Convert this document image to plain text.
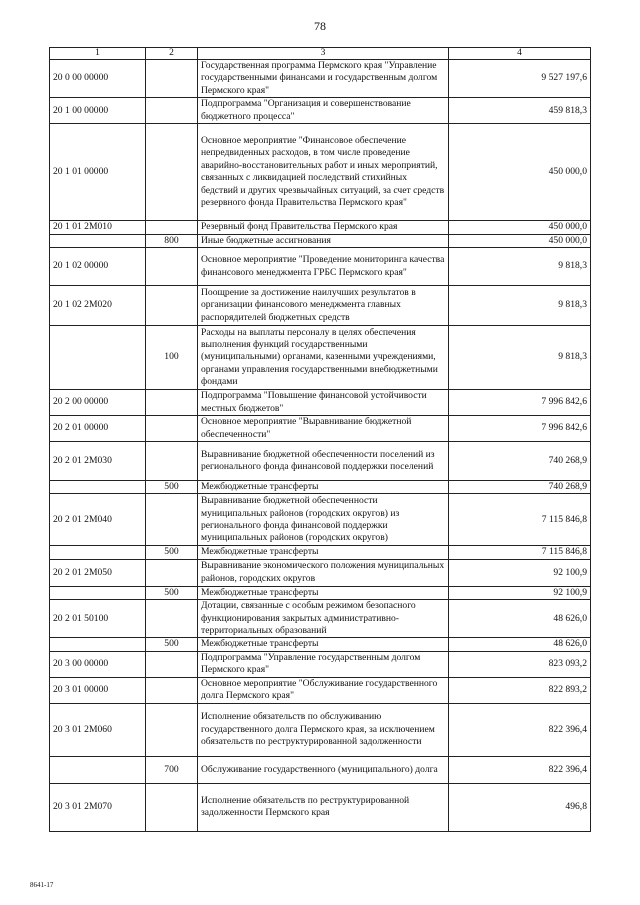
78
1	2	3	4
20 0 00 00000		Государственная программа Пермского края "Управление государственными финансами и государственным долгом Пермского края"	9 527 197,6
20 1 00 00000		Подпрограмма "Организация и совершенствование бюджетного процесса"	459 818,3
20 1 01 00000		Основное мероприятие "Финансовое обеспечение непредвиденных расходов, в том числе проведение аварийно-восстановительных работ и иных мероприятий, связанных с ликвидацией последствий стихийных бедствий и других чрезвычайных ситуаций, за счет средств резервного фонда Правительства Пермского края"	450 000,0
20 1 01 2М010		Резервный фонд Правительства Пермского края	450 000,0
	800	Иные бюджетные ассигнования	450 000,0
20 1 02 00000		Основное мероприятие "Проведение мониторинга качества финансового менеджмента ГРБС Пермского края"	9 818,3
20 1 02 2М020		Поощрение за достижение наилучших результатов в организации финансового менеджмента главных распорядителей бюджетных средств	9 818,3
	100	Расходы на выплаты персоналу в целях обеспечения выполнения функций государственными (муниципальными) органами, казенными учреждениями, органами управления государственными внебюджетными фондами	9 818,3
20 2 00 00000		Подпрограмма "Повышение финансовой устойчивости местных бюджетов"	7 996 842,6
20 2 01 00000		Основное мероприятие "Выравнивание бюджетной обеспеченности"	7 996 842,6
20 2 01 2М030		Выравнивание бюджетной обеспеченности поселений из регионального фонда финансовой поддержки поселений	740 268,9
	500	Межбюджетные трансферты	740 268,9
20 2 01 2М040		Выравнивание бюджетной обеспеченности муниципальных районов (городских округов) из регионального фонда финансовой поддержки муниципальных районов (городских округов)	7 115 846,8
	500	Межбюджетные трансферты	7 115 846,8
20 2 01 2М050		Выравнивание экономического положения муниципальных районов, городских округов	92 100,9
	500	Межбюджетные трансферты	92 100,9
20 2 01 50100		Дотации, связанные с особым режимом безопасного функционирования закрытых административно-территориальных образований	48 626,0
	500	Межбюджетные трансферты	48 626,0
20 3 00 00000		Подпрограмма "Управление государственным долгом Пермского края"	823 093,2
20 3 01 00000		Основное мероприятие "Обслуживание государственного долга Пермского края"	822 893,2
20 3 01 2М060		Исполнение обязательств по обслуживанию государственного долга Пермского края, за исключением обязательств по реструктурированной задолженности	822 396,4
	700	Обслуживание государственного (муниципального) долга	822 396,4
20 3 01 2М070		Исполнение обязательств по реструктурированной задолженности Пермского края	496,8
8641-17
